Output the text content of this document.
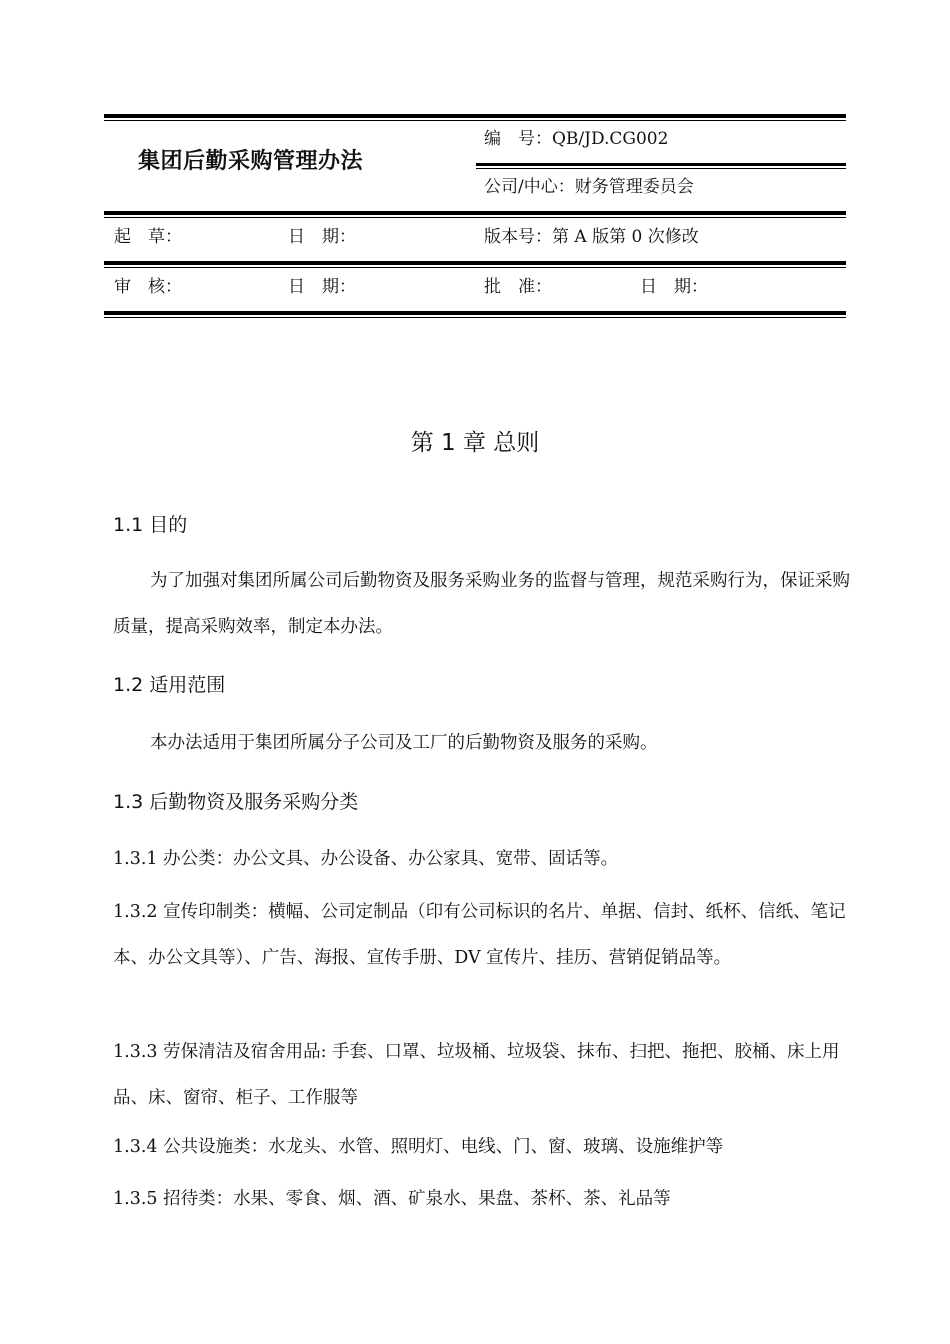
集团后勤采购管理办法
编　号：QB/JD.CG002
公司/中心：财务管理委员会
起　草：	日　期：	版本号：第 A 版第 0 次修改
审　核：	日　期：	批　准：	日　期：
第 1 章 总则
1.1 目的
为了加强对集团所属公司后勤物资及服务采购业务的监督与管理，规范采购行为，保证采购质量，提高采购效率，制定本办法。
1.2 适用范围
本办法适用于集团所属分子公司及工厂的后勤物资及服务的采购。
1.3 后勤物资及服务采购分类
1.3.1 办公类：办公文具、办公设备、办公家具、宽带、固话等。
1.3.2 宣传印制类：横幅、公司定制品（印有公司标识的名片、单据、信封、纸杯、信纸、笔记本、办公文具等）、广告、海报、宣传手册、DV 宣传片、挂历、营销促销品等。
1.3.3 劳保清洁及宿舍用品: 手套、口罩、垃圾桶、垃圾袋、抹布、扫把、拖把、胶桶、床上用品、床、窗帘、柜子、工作服等
1.3.4 公共设施类：水龙头、水管、照明灯、电线、门、窗、玻璃、设施维护等
1.3.5 招待类：水果、零食、烟、酒、矿泉水、果盘、茶杯、茶、礼品等
